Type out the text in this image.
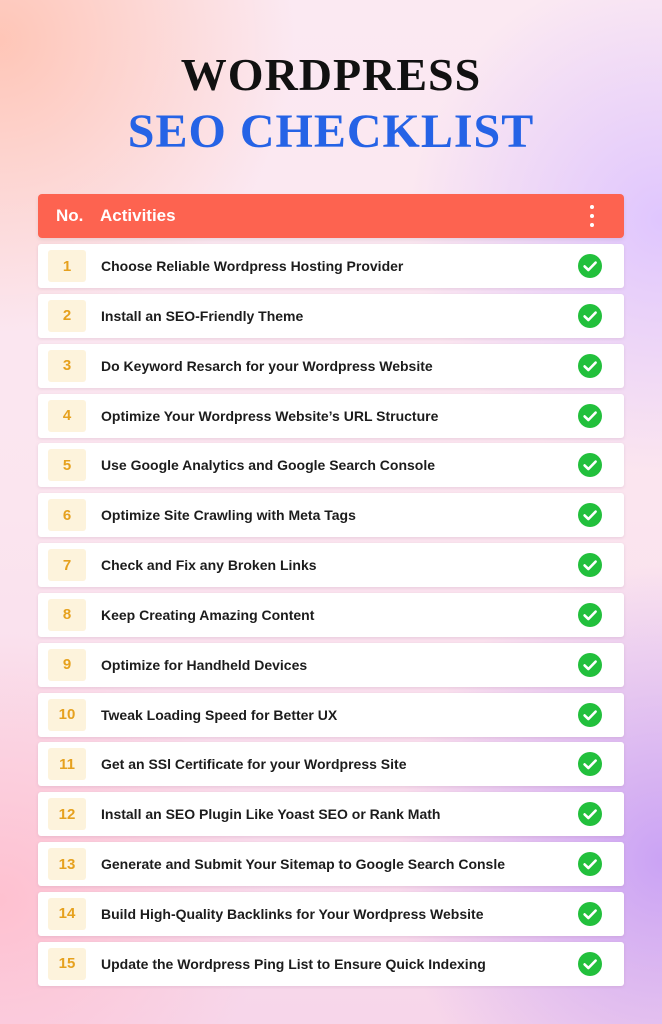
WORDPRESS
SEO CHECKLIST
No. Activities
1	Choose Reliable Wordpress Hosting Provider
2	Install an SEO-Friendly Theme
3	Do Keyword Resarch for your Wordpress Website
4	Optimize Your Wordpress Website’s URL Structure
5	Use Google Analytics and Google Search Console
6	Optimize Site Crawling with Meta Tags
7	Check and Fix any Broken Links
8	Keep Creating Amazing Content
9	Optimize for Handheld Devices
10	Tweak Loading Speed for Better UX
11	Get an SSl Certificate for your Wordpress Site
12	Install an SEO Plugin Like Yoast SEO or Rank Math
13	Generate and Submit Your Sitemap to Google Search Consle
14	Build High-Quality Backlinks for Your Wordpress Website
15	Update the Wordpress Ping List to Ensure Quick Indexing
